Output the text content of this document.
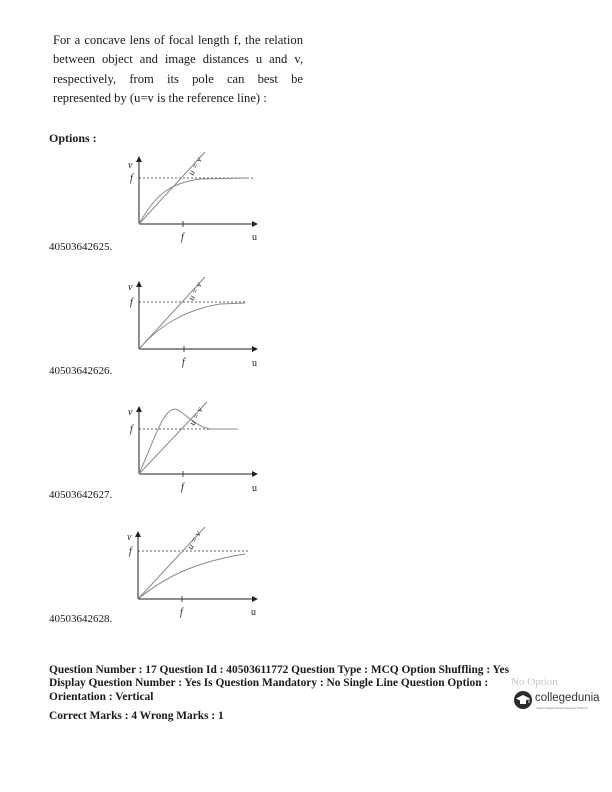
For a concave lens of focal length f, the relation between object and image distances u and v, respectively, from its pole can best be represented by (u=v is the reference line) :
Options :
40503642625.
u = v
v
f
f	u
40503642626.
u = v
v
f
f	u
40503642627.
u = v
v
f
f	u
40503642628.
u = v
v
f
f	u
Question Number : 17 Question Id : 40503611772 Question Type : MCQ Option Shuffling : Yes
Display Question Number : Yes Is Question Mandatory : No Single Line Question Option :
Orientation : Vertical
Correct Marks : 4 Wrong Marks : 1
No Option
collegedunia
India's largest Student Review Platform
